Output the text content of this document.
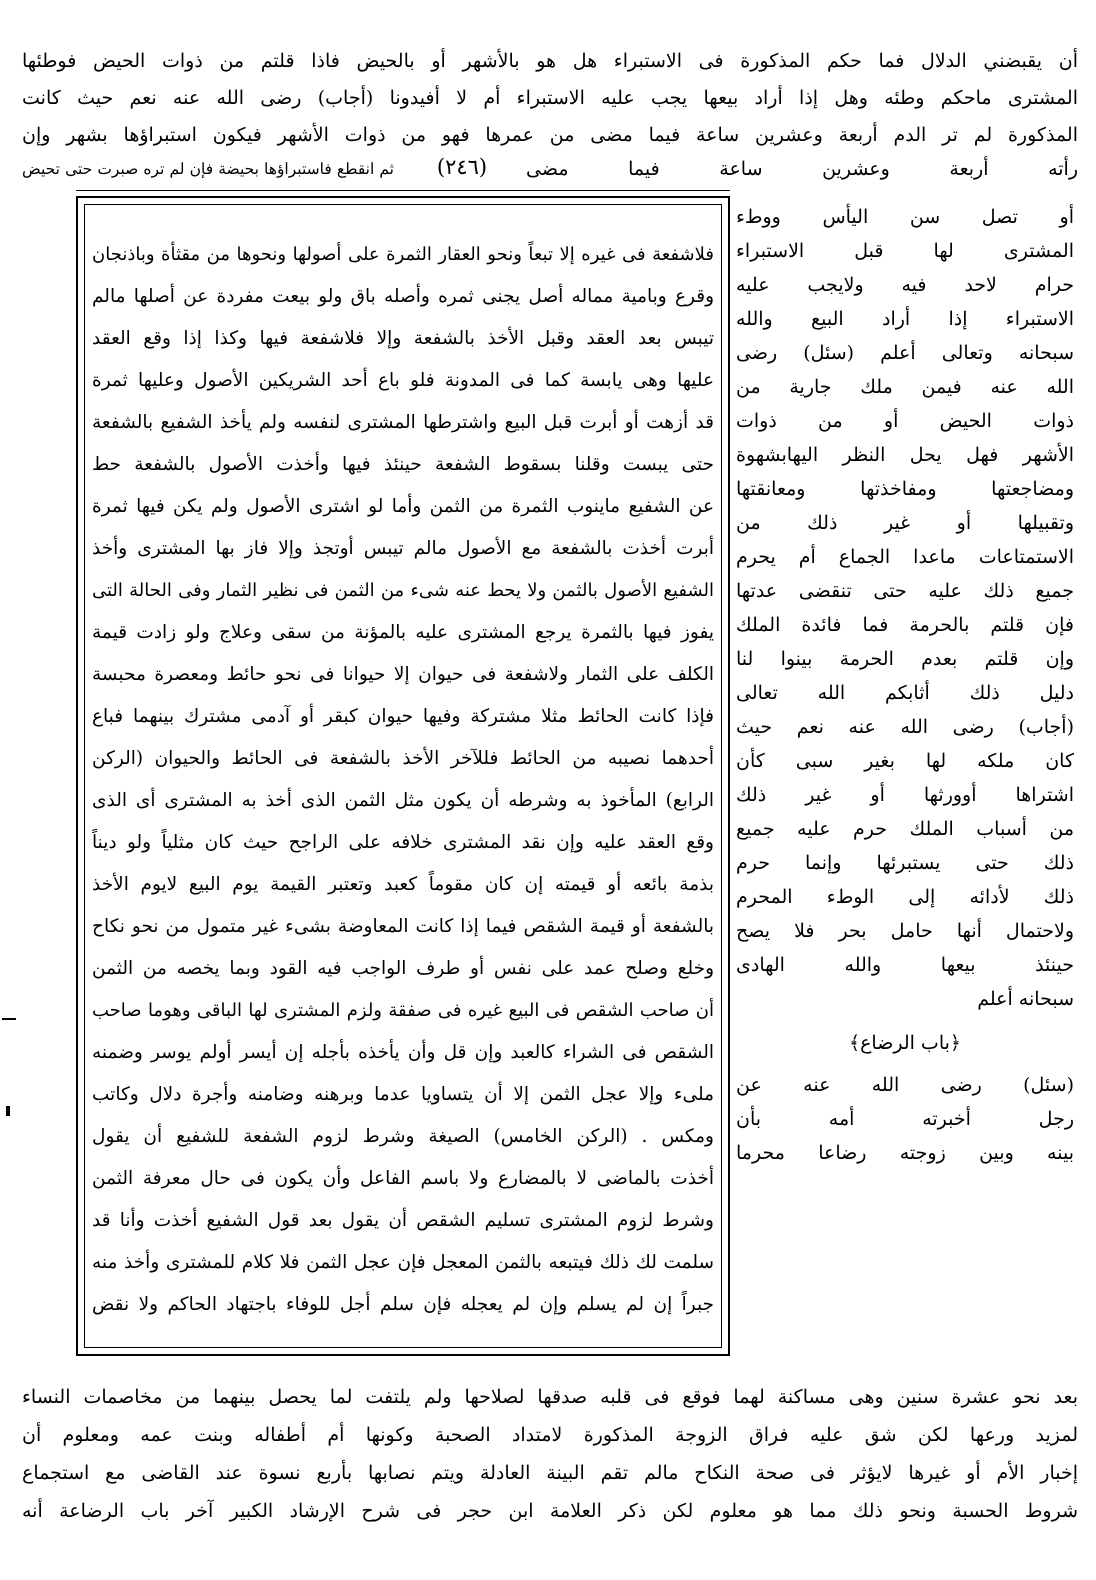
أن يقبضني الدلال فما حكم المذكورة فى الاستبراء هل هو بالأشهر أو بالحيض فاذا قلتم من ذوات الحيض فوطئها
المشترى ماحكم وطئه وهل إذا أراد بيعها يجب عليه الاستبراء أم لا أفيدونا (أجاب) رضى الله عنه نعم حيث كانت
المذكورة لم تر الدم أربعة وعشرين ساعة فيما مضى من عمرها فهو من ذوات الأشهر فيكون استبراؤها بشهر وإن
رأته أربعة وعشرين ساعة فيما مضى
(٢٤٦)
ثم انقطع فاستبراؤها بحيضة فإن لم تره صبرت حتى تحيض
أو تصل سن اليأس ووطء
المشترى لها قبل الاستبراء
حرام لاحد فيه ولايجب عليه
الاستبراء إذا أراد البيع والله
سبحانه وتعالى أعلم (سئل) رضى
الله عنه فيمن ملك جارية من
ذوات الحيض أو من ذوات
الأشهر فهل يحل النظر اليهابشهوة
ومضاجعتها ومفاخذتها ومعانقتها
وتقبيلها أو غير ذلك من
الاستمتاعات ماعدا الجماع أم يحرم
جميع ذلك عليه حتى تنقضى عدتها
فإن قلتم بالحرمة فما فائدة الملك
وإن قلتم بعدم الحرمة بينوا لنا
دليل ذلك أثابكم الله تعالى
(أجاب) رضى الله عنه نعم حيث
كان ملكه لها بغير سبى كأن
اشتراها أوورثها أو غير ذلك
من أسباب الملك حرم عليه جميع
ذلك حتى يستبرئها وإنما حرم
ذلك لأدائه إلى الوطء المحرم
ولاحتمال أنها حامل بحر فلا يصح
حينئذ بيعها والله الهادى
سبحانه أعلم
﴿باب الرضاع﴾
(سئل) رضى الله عنه عن
رجل أخبرته أمه بأن
بينه وبين زوجته رضاعا محرما
فلاشفعة فى غيره إلا تبعاً ونحو العقار الثمرة على أصولها ونحوها من مقثأة وباذنجان
وقرع وبامية مماله أصل يجنى ثمره وأصله باق ولو بيعت مفردة عن أصلها مالم
تيبس بعد العقد وقبل الأخذ بالشفعة وإلا فلاشفعة فيها وكذا إذا وقع العقد
عليها وهى يابسة كما فى المدونة فلو باع أحد الشريكين الأصول وعليها ثمرة
قد أزهت أو أبرت قبل البيع واشترطها المشترى لنفسه ولم يأخذ الشفيع بالشفعة
حتى يبست وقلنا بسقوط الشفعة حينئذ فيها وأخذت الأصول بالشفعة حط
عن الشفيع ماينوب الثمرة من الثمن وأما لو اشترى الأصول ولم يكن فيها ثمرة
أبرت أخذت بالشفعة مع الأصول مالم تيبس أوتجذ وإلا فاز بها المشترى وأخذ
الشفيع الأصول بالثمن ولا يحط عنه شىء من الثمن فى نظير الثمار وفى الحالة التى
يفوز فيها بالثمرة يرجع المشترى عليه بالمؤنة من سقى وعلاج ولو زادت قيمة
الكلف على الثمار ولاشفعة فى حيوان إلا حيوانا فى نحو حائط ومعصرة محبسة
فإذا كانت الحائط مثلا مشتركة وفيها حيوان كبقر أو آدمى مشترك بينهما فباع
أحدهما نصيبه من الحائط فللآخر الأخذ بالشفعة فى الحائط والحيوان (الركن
الرابع) المأخوذ به وشرطه أن يكون مثل الثمن الذى أخذ به المشترى أى الذى
وقع العقد عليه وإن نقد المشترى خلافه على الراجح حيث كان مثلياً ولو ديناً
بذمة بائعه أو قيمته إن كان مقوماً كعبد وتعتبر القيمة يوم البيع لايوم الأخذ
بالشفعة أو قيمة الشقص فيما إذا كانت المعاوضة بشىء غير متمول من نحو نكاح
وخلع وصلح عمد على نفس أو طرف الواجب فيه القود وبما يخصه من الثمن
أن صاحب الشقص فى البيع غيره فى صفقة ولزم المشترى لها الباقى وهوما صاحب
الشقص فى الشراء كالعبد وإن قل وأن يأخذه بأجله إن أيسر أولم يوسر وضمنه
ملىء وإلا عجل الثمن إلا أن يتساويا عدما وبرهنه وضامنه وأجرة دلال وكاتب
ومكس . (الركن الخامس) الصيغة وشرط لزوم الشفعة للشفيع أن يقول
أخذت بالماضى لا بالمضارع ولا باسم الفاعل وأن يكون فى حال معرفة الثمن
وشرط لزوم المشترى تسليم الشقص أن يقول بعد قول الشفيع أخذت وأنا قد
سلمت لك ذلك فيتبعه بالثمن المعجل فإن عجل الثمن فلا كلام للمشترى وأخذ منه
جبراً إن لم يسلم وإن لم يعجله فإن سلم أجل للوفاء باجتهاد الحاكم ولا نقض
بعد نحو عشرة سنين وهى مساكنة لهما فوقع فى قلبه صدقها لصلاحها ولم يلتفت لما يحصل بينهما من مخاصمات النساء
لمزيد ورعها لكن شق عليه فراق الزوجة المذكورة لامتداد الصحبة وكونها أم أطفاله وبنت عمه ومعلوم أن
إخبار الأم أو غيرها لايؤثر فى صحة النكاح مالم تقم البينة العادلة ويتم نصابها بأربع نسوة عند القاضى مع استجماع
شروط الحسبة ونحو ذلك مما هو معلوم لكن ذكر العلامة ابن حجر فى شرح الإرشاد الكبير آخر باب الرضاعة أنه
